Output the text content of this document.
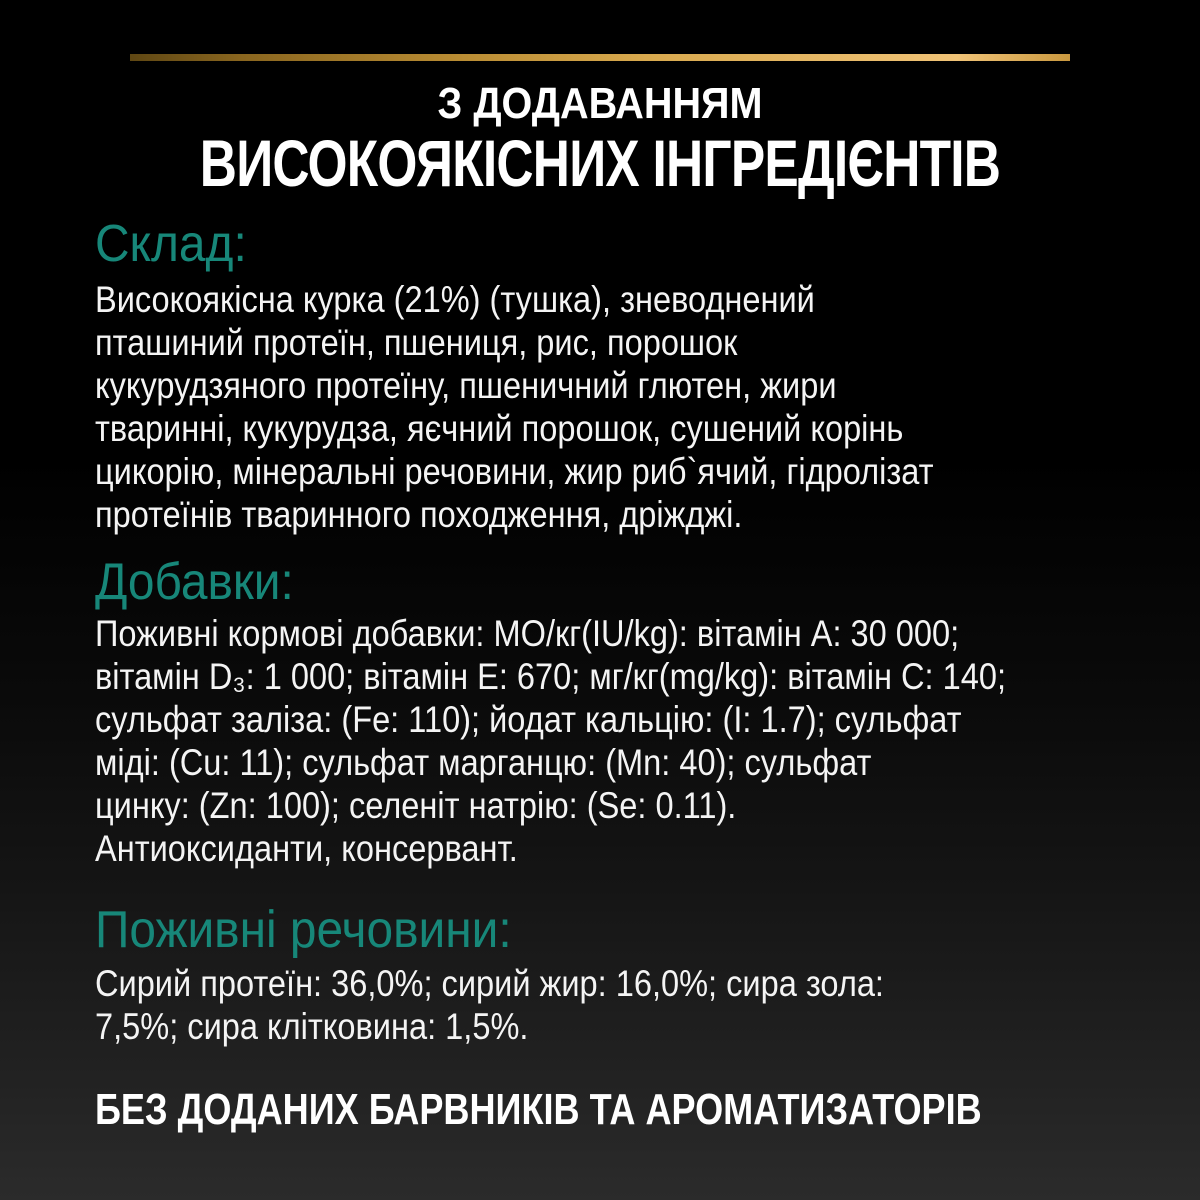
З ДОДАВАННЯМ
ВИСОКОЯКІСНИХ ІНГРЕДІЄНТІВ
Склад:
Високоякісна курка (21%) (тушка), зневоднений
пташиний протеїн, пшениця, рис, порошок
кукурудзяного протеїну, пшеничний глютен, жири
тваринні, кукурудза, яєчний порошок, сушений корінь
цикорію, мінеральні речовини, жир риб`ячий, гідролізат
протеїнів тваринного походження, дріжджі.
Добавки:
Поживні кормові добавки: МО/кг(IU/kg): вітамін A: 30 000;
вітамін D₃: 1 000; вітамін E: 670; мг/кг(mg/kg): вітамін C: 140;
сульфат заліза: (Fe: 110); йодат кальцію: (I: 1.7); сульфат
міді: (Cu: 11); сульфат марганцю: (Mn: 40); сульфат
цинку: (Zn: 100); селеніт натрію: (Se: 0.11).
Антиоксиданти, консервант.
Поживні речовини:
Сирий протеїн: 36,0%; сирий жир: 16,0%; сира зола:
7,5%; сира клітковина: 1,5%.
БЕЗ ДОДАНИХ БАРВНИКІВ ТА АРОМАТИЗАТОРІВ
